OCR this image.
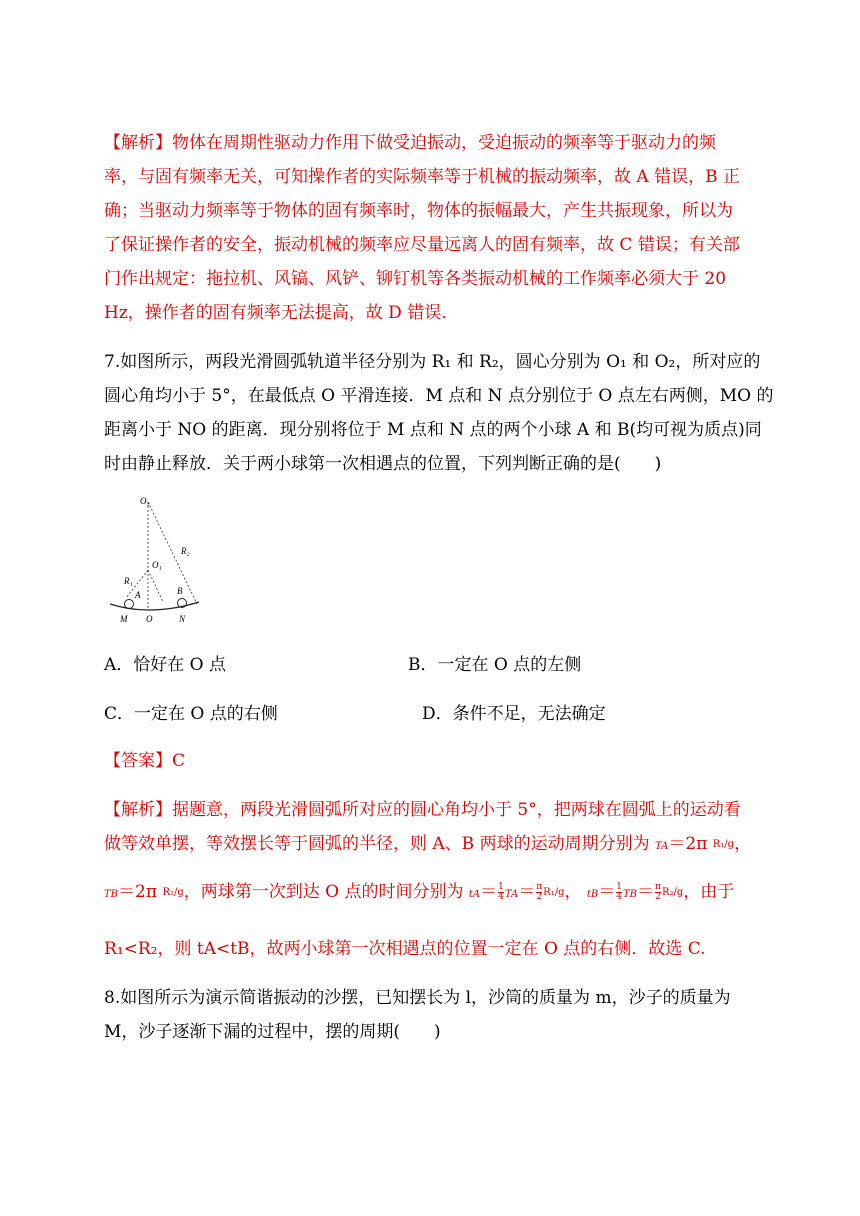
【解析】物体在周期性驱动力作用下做受迫振动，受迫振动的频率等于驱动力的频
率，与固有频率无关，可知操作者的实际频率等于机械的振动频率，故 A 错误，B 正
确；当驱动力频率等于物体的固有频率时，物体的振幅最大，产生共振现象，所以为
了保证操作者的安全，振动机械的频率应尽量远离人的固有频率，故 C 错误；有关部
门作出规定：拖拉机、风镐、风铲、铆钉机等各类振动机械的工作频率必须大于 20
Hz，操作者的固有频率无法提高，故 D 错误．
7.如图所示，两段光滑圆弧轨道半径分别为 R₁ 和 R₂，圆心分别为 O₁ 和 O₂，所对应的
圆心角均小于 5°，在最低点 O 平滑连接．M 点和 N 点分别位于 O 点左右两侧，MO 的
距离小于 NO 的距离．现分别将位于 M 点和 N 点的两个小球 A 和 B(均可视为质点)同
时由静止释放．关于两小球第一次相遇点的位置，下列判断正确的是(　　)
O₂
O₁
R₁
R₂
A	B
M O	N
A．恰好在 O 点	B．一定在 O 点的左侧
C．一定在 O 点的右侧	D．条件不足，无法确定
【答案】C
【解析】据题意，两段光滑圆弧所对应的圆心角均小于 5°，把两球在圆弧上的运动看
做等效单摆，等效摆长等于圆弧的半径，则 A、B 两球的运动周期分别为 TA＝2π R₁/g，
TB＝2π R₂/g，两球第一次到达 O 点的时间分别为 $tA= \frac{1}{4} TA= \frac{\pi}{2} R_1/g$， $tB= \frac{1}{4} TB= \frac{\pi}{2} R_2/g$，由于
R₁<R₂，则 tA<tB，故两小球第一次相遇点的位置一定在 O 点的右侧．故选 C.
8.如图所示为演示简谐振动的沙摆，已知摆长为 l，沙筒的质量为 m，沙子的质量为
M，沙子逐渐下漏的过程中，摆的周期(　　)
